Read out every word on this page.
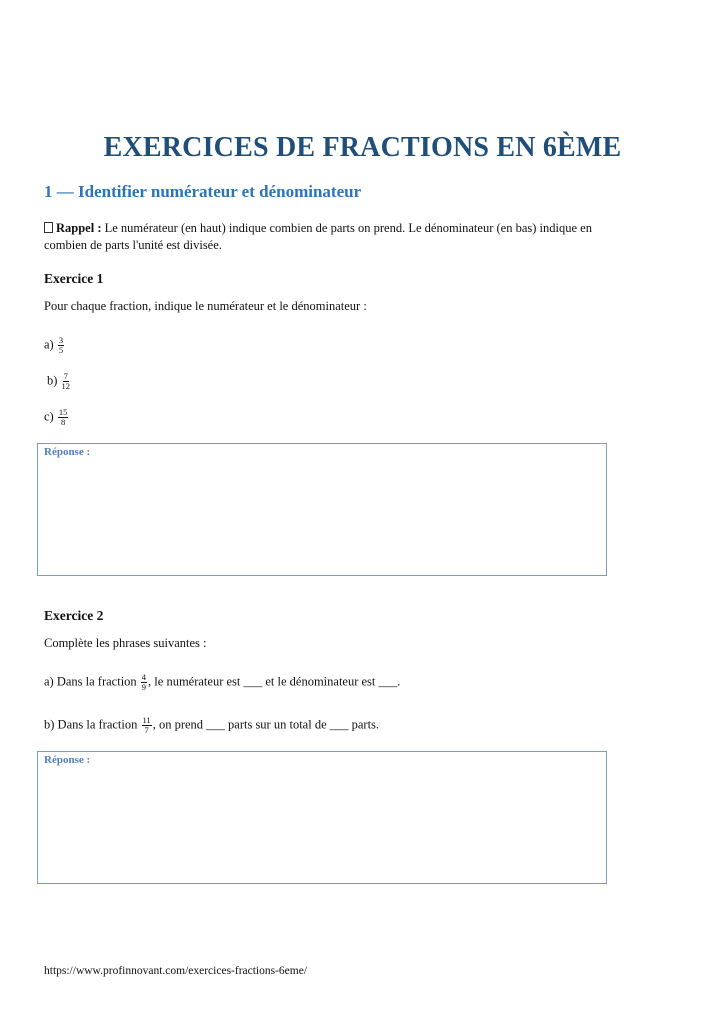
EXERCICES DE FRACTIONS EN 6ÈME
1 — Identifier numérateur et dénominateur
Rappel : Le numérateur (en haut) indique combien de parts on prend. Le dénominateur (en bas) indique en
combien de parts l'unité est divisée.
Exercice 1
Pour chaque fraction, indique le numérateur et le dénominateur :
$a) \frac{3}{5}$
$b) \frac{7}{12}$
$c) \frac{15}{8}$
Réponse :
Exercice 2
Complète les phrases suivantes :
a) Dans la fraction $\frac{4}{9}$ , le numérateur est ___ et le dénominateur est ___.
b) Dans la fraction $\frac{11}{7}$ , on prend ___ parts sur un total de ___ parts.
Réponse :
https://www.profinnovant.com/exercices-fractions-6eme/
